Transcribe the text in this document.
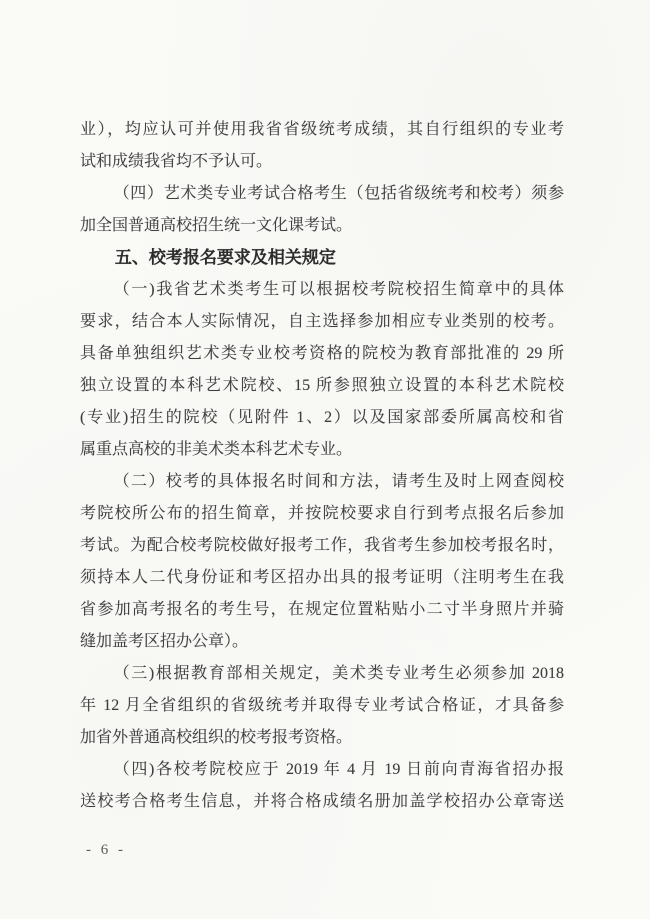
业），均应认可并使用我省省级统考成绩，其自行组织的专业考
试和成绩我省均不予认可。
（四）艺术类专业考试合格考生（包括省级统考和校考）须参
加全国普通高校招生统一文化课考试。
五、校考报名要求及相关规定
（一)我省艺术类考生可以根据校考院校招生简章中的具体
要求，结合本人实际情况，自主选择参加相应专业类别的校考。
具备单独组织艺术类专业校考资格的院校为教育部批准的 29 所
独立设置的本科艺术院校、15 所参照独立设置的本科艺术院校
(专业)招生的院校（见附件 1、2）以及国家部委所属高校和省
属重点高校的非美术类本科艺术专业。
（二）校考的具体报名时间和方法，请考生及时上网查阅校
考院校所公布的招生简章，并按院校要求自行到考点报名后参加
考试。为配合校考院校做好报考工作，我省考生参加校考报名时，
须持本人二代身份证和考区招办出具的报考证明（注明考生在我
省参加高考报名的考生号，在规定位置粘贴小二寸半身照片并骑
缝加盖考区招办公章）。
（三)根据教育部相关规定，美术类专业考生必须参加 2018
年 12 月全省组织的省级统考并取得专业考试合格证，才具备参
加省外普通高校组织的校考报考资格。
（四)各校考院校应于 2019 年 4 月 19 日前向青海省招办报
送校考合格考生信息，并将合格成绩名册加盖学校招办公章寄送
- 6 -
